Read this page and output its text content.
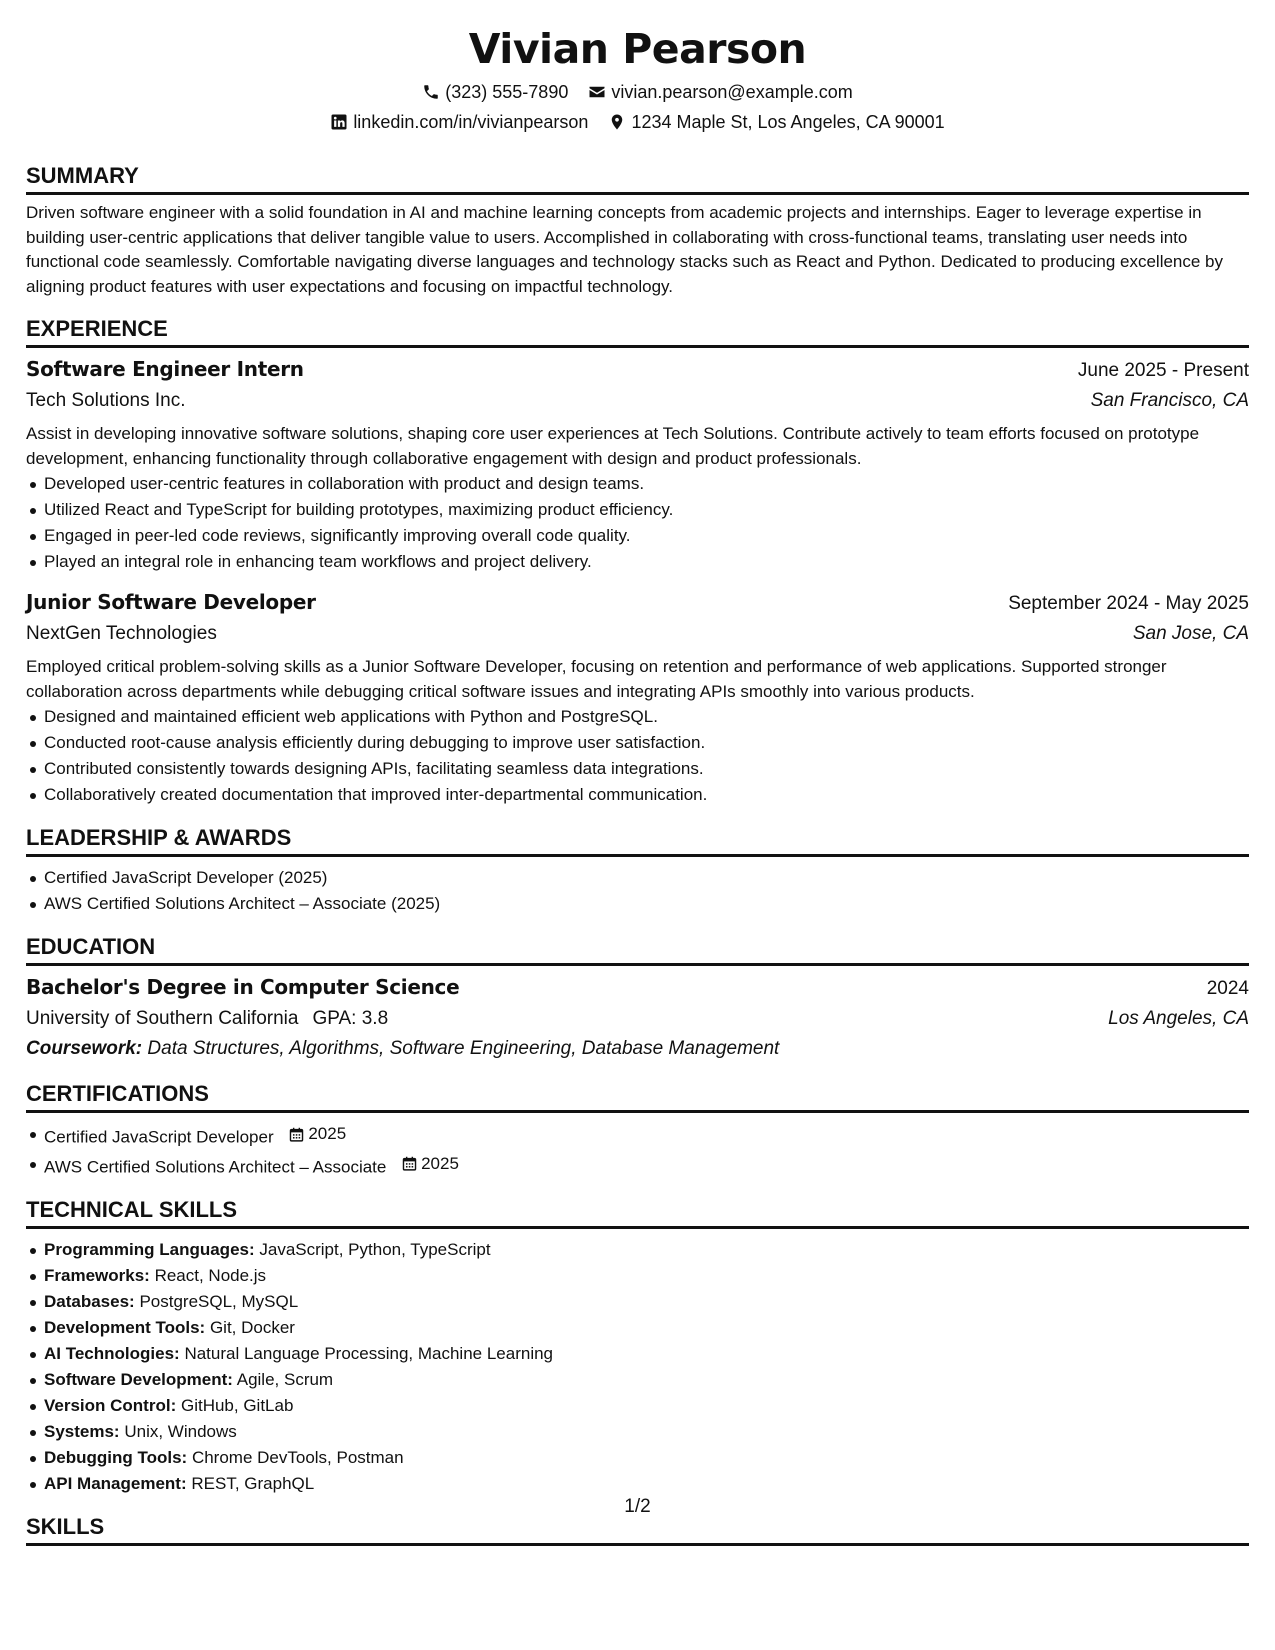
Vivian Pearson
(323) 555-7890 vivian.pearson@example.com
linkedin.com/in/vivianpearson 1234 Maple St, Los Angeles, CA 90001
SUMMARY

Driven software engineer with a solid foundation in AI and machine learning concepts from academic projects and internships. Eager to leverage expertise in building user-centric applications that deliver tangible value to users. Accomplished in collaborating with cross-functional teams, translating user needs into functional code seamlessly. Comfortable navigating diverse languages and technology stacks such as React and Python. Dedicated to producing excellence by aligning product features with user expectations and focusing on impactful technology.

EXPERIENCE
Software Engineer Intern	June 2025 - Present
Tech Solutions Inc.	San Francisco, CA

Assist in developing innovative software solutions, shaping core user experiences at Tech Solutions. Contribute actively to team efforts focused on prototype development, enhancing functionality through collaborative engagement with design and product professionals.

Developed user-centric features in collaboration with product and design teams.
Utilized React and TypeScript for building prototypes, maximizing product efficiency.
Engaged in peer-led code reviews, significantly improving overall code quality.
Played an integral role in enhancing team workflows and project delivery.
Junior Software Developer	September 2024 - May 2025
NextGen Technologies	San Jose, CA

Employed critical problem-solving skills as a Junior Software Developer, focusing on retention and performance of web applications. Supported stronger collaboration across departments while debugging critical software issues and integrating APIs smoothly into various products.

Designed and maintained efficient web applications with Python and PostgreSQL.
Conducted root-cause analysis efficiently during debugging to improve user satisfaction.
Contributed consistently towards designing APIs, facilitating seamless data integrations.
Collaboratively created documentation that improved inter-departmental communication.
LEADERSHIP & AWARDS
Certified JavaScript Developer (2025)
AWS Certified Solutions Architect – Associate (2025)
EDUCATION
Bachelor's Degree in Computer Science	2024
University of Southern California GPA: 3.8	Los Angeles, CA
Coursework: Data Structures, Algorithms, Software Engineering, Database Management
CERTIFICATIONS
Certified JavaScript Developer 2025
AWS Certified Solutions Architect – Associate 2025
TECHNICAL SKILLS
Programming Languages: JavaScript, Python, TypeScript
Frameworks: React, Node.js
Databases: PostgreSQL, MySQL
Development Tools: Git, Docker
AI Technologies: Natural Language Processing, Machine Learning
Software Development: Agile, Scrum
Version Control: GitHub, GitLab
Systems: Unix, Windows
Debugging Tools: Chrome DevTools, Postman
API Management: REST, GraphQL
SKILLS
1/2
